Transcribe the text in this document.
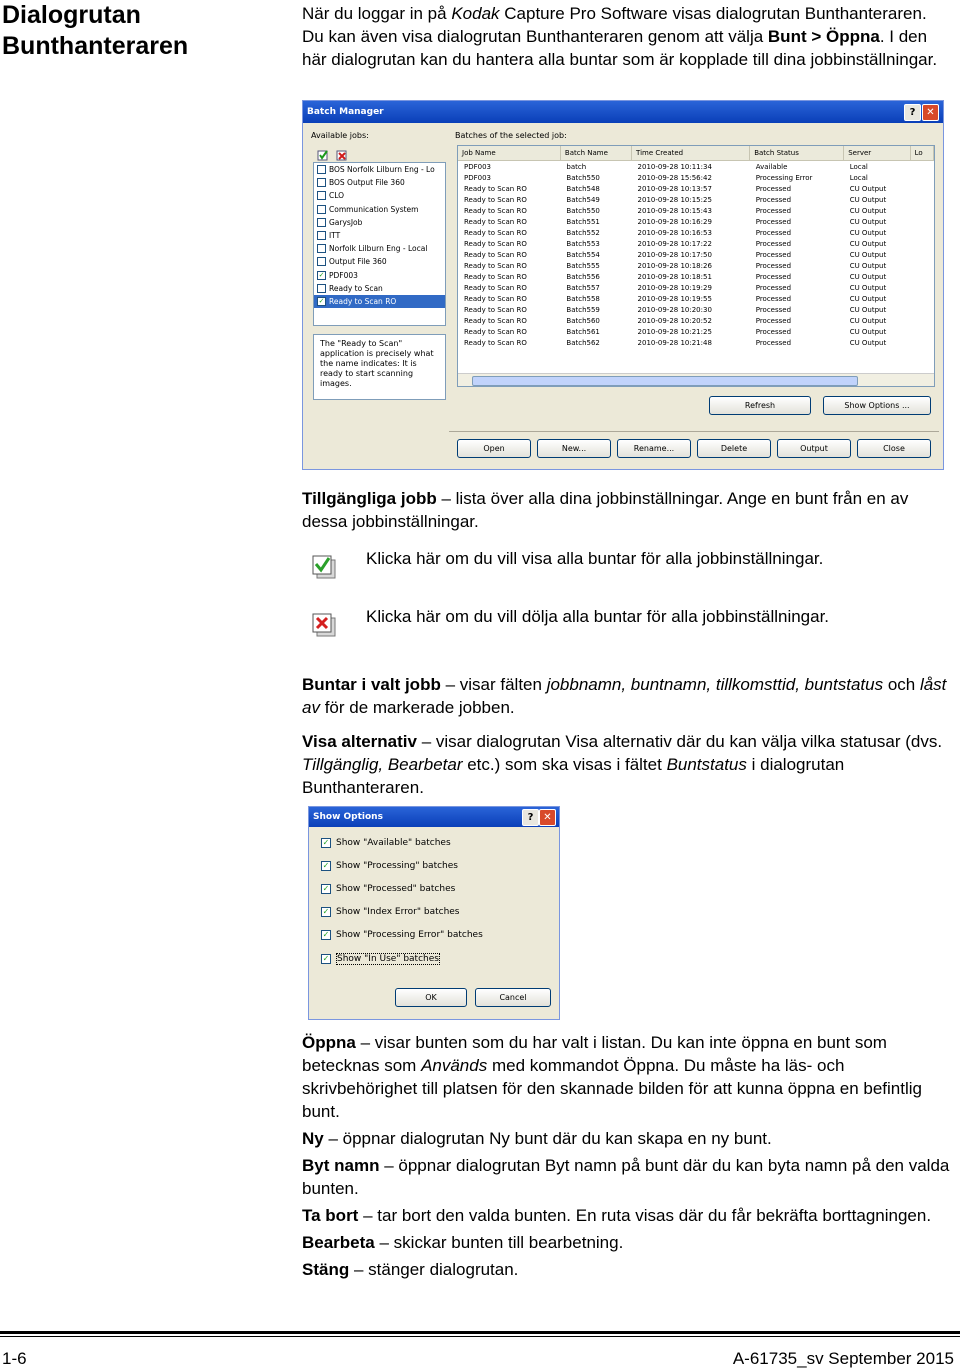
Dialogrutan
Bunthanteraren
När du loggar in på Kodak Capture Pro Software visas dialogrutan Bunthanteraren. Du kan även visa dialogrutan Bunthanteraren genom att välja Bunt > Öppna. I den här dialogrutan kan du hantera alla buntar som är kopplade till dina jobbinställningar.
Batch Manager	?	✕
Available jobs:	Batches of the selected job:
BOS Norfolk Lilburn Eng - Lo
BOS Output File 360
CLO
Communication System
GarysJob
ITT
Norfolk Lilburn Eng - Local
Output File 360
✓ PDF003
Ready to Scan
✓ Ready to Scan RO
The "Ready to Scan" application is precisely what the name indicates: It is ready to start scanning images.
Job Name	Batch Name	Time Created	Batch Status	Server	Lo
PDF003	batch	2010-09-28 10:11:34	Available	Local	
PDF003	Batch550	2010-09-28 15:56:42	Processing Error	Local	
Ready to Scan RO	Batch548	2010-09-28 10:13:57	Processed	CU Output	
Ready to Scan RO	Batch549	2010-09-28 10:15:25	Processed	CU Output	
Ready to Scan RO	Batch550	2010-09-28 10:15:43	Processed	CU Output	
Ready to Scan RO	Batch551	2010-09-28 10:16:29	Processed	CU Output	
Ready to Scan RO	Batch552	2010-09-28 10:16:53	Processed	CU Output	
Ready to Scan RO	Batch553	2010-09-28 10:17:22	Processed	CU Output	
Ready to Scan RO	Batch554	2010-09-28 10:17:50	Processed	CU Output	
Ready to Scan RO	Batch555	2010-09-28 10:18:26	Processed	CU Output	
Ready to Scan RO	Batch556	2010-09-28 10:18:51	Processed	CU Output	
Ready to Scan RO	Batch557	2010-09-28 10:19:29	Processed	CU Output	
Ready to Scan RO	Batch558	2010-09-28 10:19:55	Processed	CU Output	
Ready to Scan RO	Batch559	2010-09-28 10:20:30	Processed	CU Output	
Ready to Scan RO	Batch560	2010-09-28 10:20:52	Processed	CU Output	
Ready to Scan RO	Batch561	2010-09-28 10:21:25	Processed	CU Output	
Ready to Scan RO	Batch562	2010-09-28 10:21:48	Processed	CU Output	
Refresh	Show Options ...
Open	New...	Rename...	Delete	Output	Close
Tillgängliga jobb – lista över alla dina jobbinställningar. Ange en bunt från en av dessa jobbinställningar.
Klicka här om du vill visa alla buntar för alla jobbinställningar.
Klicka här om du vill dölja alla buntar för alla jobbinställningar.
Buntar i valt jobb – visar fälten jobbnamn, buntnamn, tillkomsttid, buntstatus och låst av för de markerade jobben.
Visa alternativ – visar dialogrutan Visa alternativ där du kan välja vilka statusar (dvs. Tillgänglig, Bearbetar etc.) som ska visas i fältet Buntstatus i dialogrutan Bunthanteraren.
Show Options	? ✕
✓ Show "Available" batches
✓ Show "Processing" batches
✓ Show "Processed" batches
✓ Show "Index Error" batches
✓ Show "Processing Error" batches
✓ Show "In Use" batches
OK	Cancel
Öppna – visar bunten som du har valt i listan. Du kan inte öppna en bunt som betecknas som Används med kommandot Öppna. Du måste ha läs- och skrivbehörighet till platsen för den skannade bilden för att kunna öppna en befintlig bunt.
Ny – öppnar dialogrutan Ny bunt där du kan skapa en ny bunt.
Byt namn – öppnar dialogrutan Byt namn på bunt där du kan byta namn på den valda bunten.
Ta bort – tar bort den valda bunten. En ruta visas där du får bekräfta borttagningen.
Bearbeta – skickar bunten till bearbetning.
Stäng – stänger dialogrutan.
1-6	A-61735_sv September 2015
